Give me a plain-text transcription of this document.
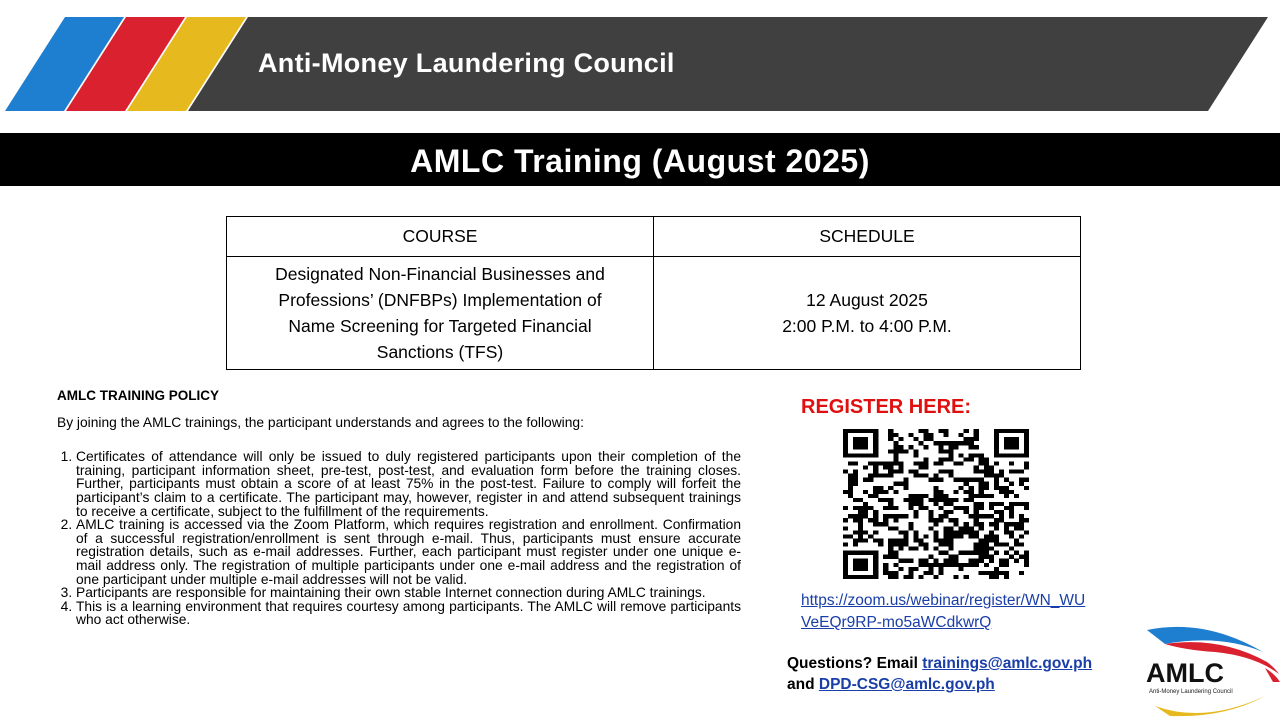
Anti-Money Laundering Council
AMLC Training (August 2025)
COURSE	SCHEDULE
Designated Non-Financial Businesses and
Professions’ (DNFBPs) Implementation of
Name Screening for Targeted Financial
Sanctions (TFS)	12 August 2025
2:00 P.M. to 4:00 P.M.
AMLC TRAINING POLICY
By joining the AMLC trainings, the participant understands and agrees to the following:
1. Certificates of attendance will only be issued to duly registered participants upon their completion of the training, participant information sheet, pre-test, post-test, and evaluation form before the training closes. Further, participants must obtain a score of at least 75% in the post-test. Failure to comply will forfeit the participant’s claim to a certificate. The participant may, however, register in and attend subsequent trainings to receive a certificate, subject to the fulfillment of the requirements.
2. AMLC training is accessed via the Zoom Platform, which requires registration and enrollment. Confirmation of a successful registration/enrollment is sent through e-mail. Thus, participants must ensure accurate registration details, such as e-mail addresses. Further, each participant must register under one unique e-mail address only. The registration of multiple participants under one e-mail address and the registration of one participant under multiple e-mail addresses will not be valid.
3. Participants are responsible for maintaining their own stable Internet connection during AMLC trainings.
4. This is a learning environment that requires courtesy among participants. The AMLC will remove participants who act otherwise.
REGISTER HERE:
https://zoom.us/webinar/register/WN_WUVeEQr9RP-mo5aWCdkwrQ
Questions? Email trainings@amlc.gov.ph
and DPD-CSG@amlc.gov.ph	AMLC
Anti-Money Laundering Council
